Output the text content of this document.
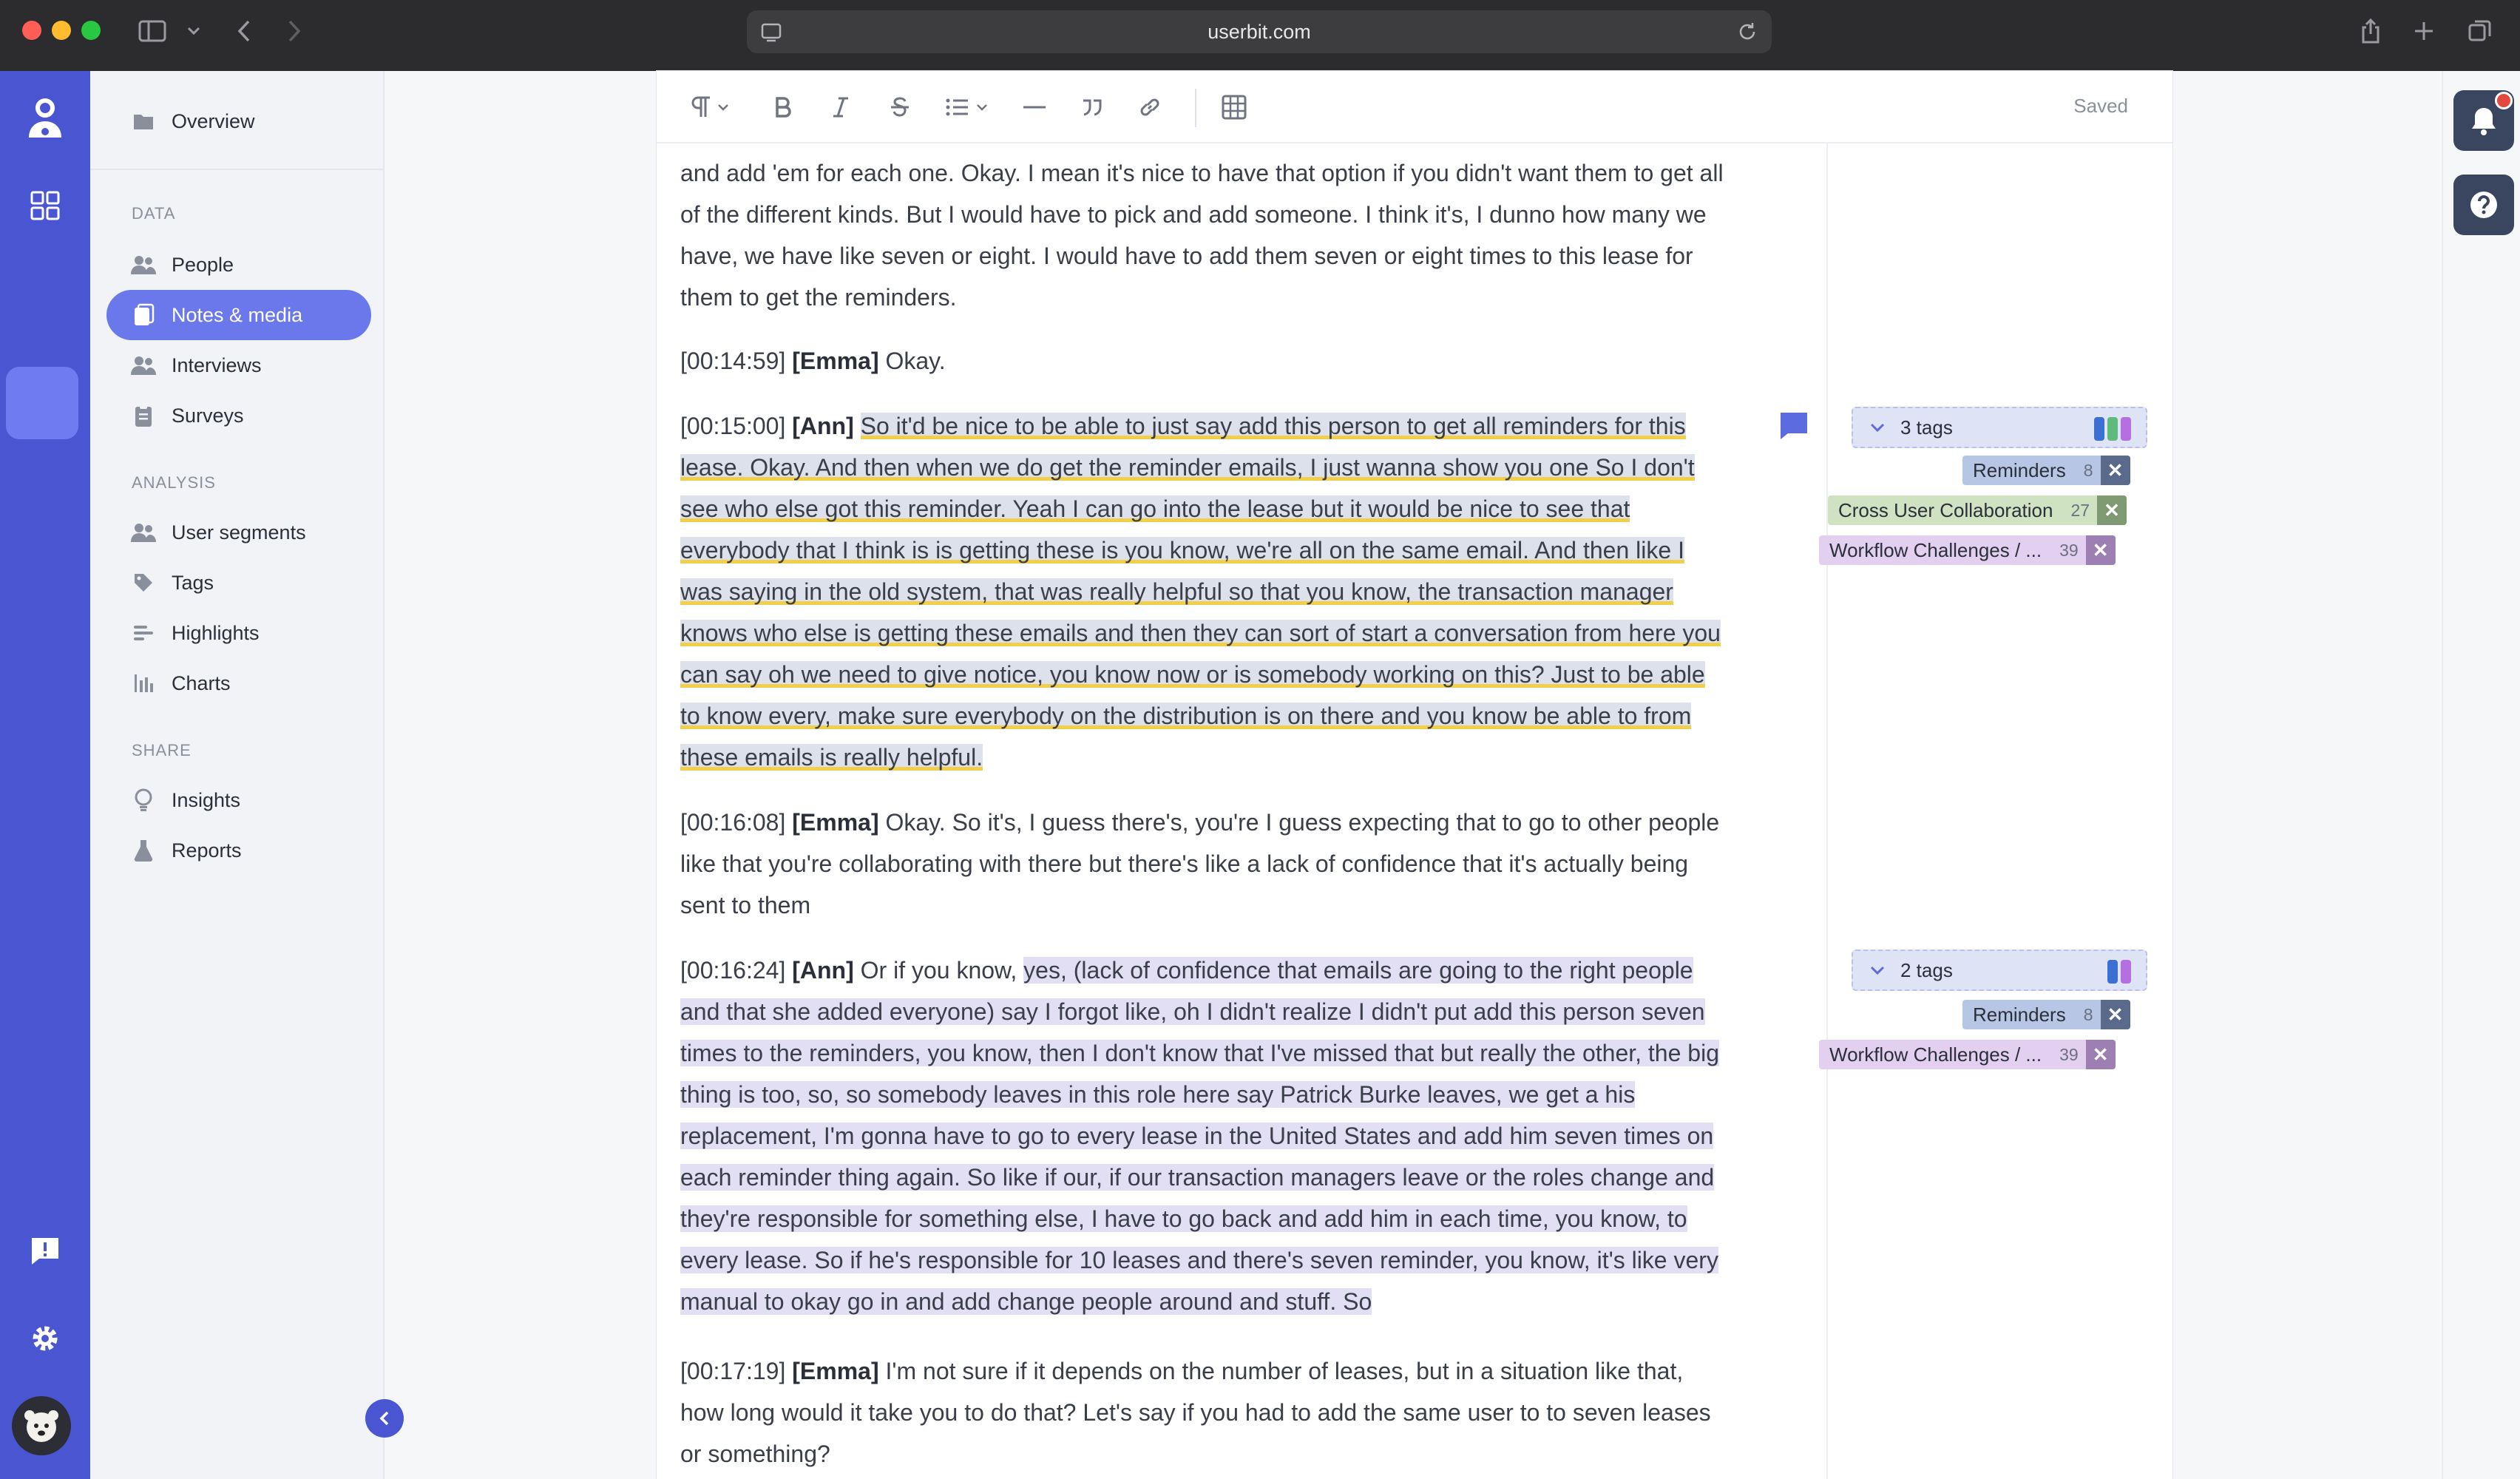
userbit.com
Overview
DATA
People
Notes & media
Interviews
Surveys
ANALYSIS
User segments
Tags
Highlights
Charts
SHARE
Insights
Reports
Saved

and add 'em for each one. Okay. I mean it's nice to have that option if you didn't want them to get all of the different kinds. But I would have to pick and add someone. I think it's, I dunno how many we have, we have like seven or eight. I would have to add them seven or eight times to this lease for them to get the reminders.

[00:14:59] [Emma] Okay.

[00:15:00] [Ann] So it'd be nice to be able to just say add this person to get all reminders for this lease. Okay. And then when we do get the reminder emails, I just wanna show you one So I don't see who else got this reminder. Yeah I can go into the lease but it would be nice to see that everybody that I think is is getting these is you know, we're all on the same email. And then like I was saying in the old system, that was really helpful so that you know, the transaction manager knows who else is getting these emails and then they can sort of start a conversation from here you can say oh we need to give notice, you know now or is somebody working on this? Just to be able to know every, make sure everybody on the distribution is on there and you know be able to from these emails is really helpful.

[00:16:08] [Emma] Okay. So it's, I guess there's, you're I guess expecting that to go to other people like that you're collaborating with there but there's like a lack of confidence that it's actually being sent to them

[00:16:24] [Ann] Or if you know, yes, (lack of confidence that emails are going to the right people and that she added everyone) say I forgot like, oh I didn't realize I didn't put add this person seven times to the reminders, you know, then I don't know that I've missed that but really the other, the big thing is too, so, so somebody leaves in this role here say Patrick Burke leaves, we get a his replacement, I'm gonna have to go to every lease in the United States and add him seven times on each reminder thing again. So like if our, if our transaction managers leave or the roles change and they're responsible for something else, I have to go back and add him in each time, you know, to every lease. So if he's responsible for 10 leases and there's seven reminder, you know, it's like very manual to okay go in and add change people around and stuff. So

[00:17:19] [Emma] I'm not sure if it depends on the number of leases, but in a situation like that, how long would it take you to do that? Let's say if you had to add the same user to to seven leases or something?

3 tags
Reminders	8 ✕
Cross User Collaboration	27 ✕
Workflow Challenges / ...	39 ✕
2 tags
Reminders	8 ✕
Workflow Challenges / ...	39 ✕
